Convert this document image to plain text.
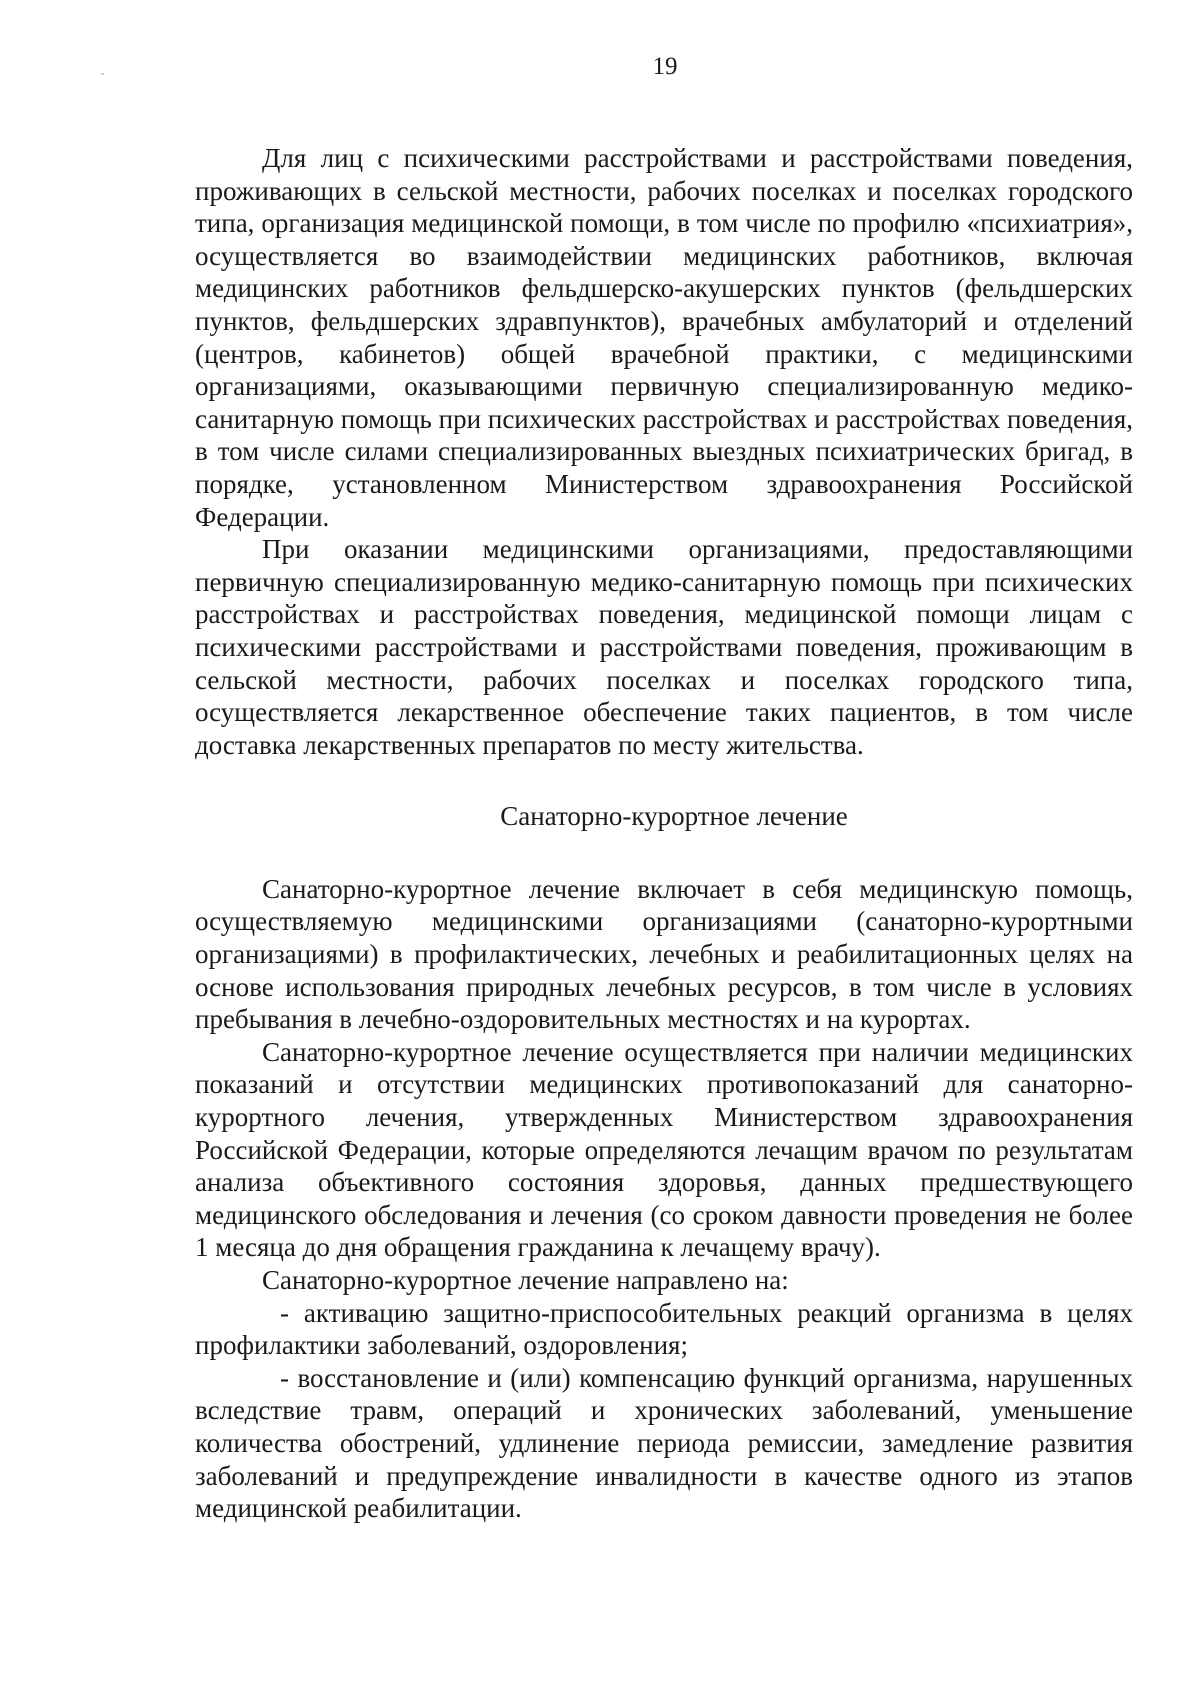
19

Для лиц с психическими расстройствами и расстройствами поведения, проживающих в сельской местности, рабочих поселках и поселках городского типа, организация медицинской помощи, в том числе по профилю «психиатрия», осуществляется во взаимодействии медицинских работников, включая медицинских работников фельдшерско-акушерских пунктов (фельдшерских пунктов, фельдшерских здравпунктов), врачебных амбулаторий и отделений (центров, кабинетов) общей врачебной практики, с медицинскими организациями, оказывающими первичную специализированную медико-санитарную помощь при психических расстройствах и расстройствах поведения, в том числе силами специализированных выездных психиатрических бригад, в порядке, установленном Министерством здравоохранения Российской Федерации.

При оказании медицинскими организациями, предоставляющими первичную специализированную медико-санитарную помощь при психических расстройствах и расстройствах поведения, медицинской помощи лицам с психическими расстройствами и расстройствами поведения, проживающим в сельской местности, рабочих поселках и поселках городского типа, осуществляется лекарственное обеспечение таких пациентов, в том числе доставка лекарственных препаратов по месту жительства.

Санаторно-курортное лечение

Санаторно-курортное лечение включает в себя медицинскую помощь, осуществляемую медицинскими организациями (санаторно-курортными организациями) в профилактических, лечебных и реабилитационных целях на основе использования природных лечебных ресурсов, в том числе в условиях пребывания в лечебно-оздоровительных местностях и на курортах.

Санаторно-курортное лечение осуществляется при наличии медицинских показаний и отсутствии медицинских противопоказаний для санаторно-курортного лечения, утвержденных Министерством здравоохранения Российской Федерации, которые определяются лечащим врачом по результатам анализа объективного состояния здоровья, данных предшествующего медицинского обследования и лечения (со сроком давности проведения не более 1 месяца до дня обращения гражданина к лечащему врачу).

Санаторно-курортное лечение направлено на:

- активацию защитно-приспособительных реакций организма в целях профилактики заболеваний, оздоровления;

- восстановление и (или) компенсацию функций организма, нарушенных вследствие травм, операций и хронических заболеваний, уменьшение количества обострений, удлинение периода ремиссии, замедление развития заболеваний и предупреждение инвалидности в качестве одного из этапов медицинской реабилитации.
